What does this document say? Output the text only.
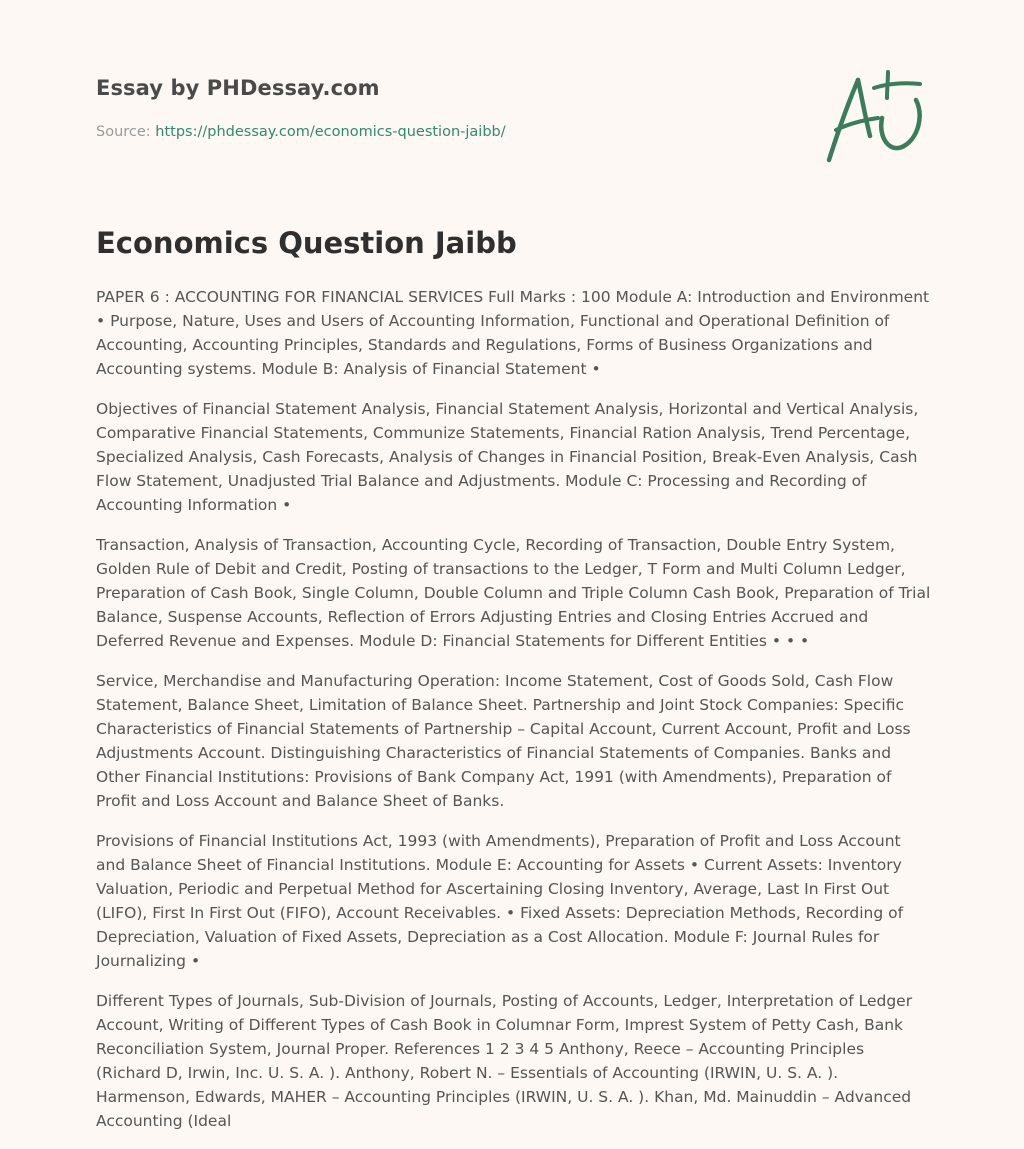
Essay by PHDessay.com
Source: https://phdessay.com/economics-question-jaibb/
Economics Question Jaibb

PAPER 6 : ACCOUNTING FOR FINANCIAL SERVICES Full Marks : 100 Module A: Introduction and Environment • Purpose, Nature, Uses and Users of Accounting Information, Functional and Operational Definition of Accounting, Accounting Principles, Standards and Regulations, Forms of Business Organizations and Accounting systems. Module B: Analysis of Financial Statement •

Objectives of Financial Statement Analysis, Financial Statement Analysis, Horizontal and Vertical Analysis, Comparative Financial Statements, Communize Statements, Financial Ration Analysis, Trend Percentage, Specialized Analysis, Cash Forecasts, Analysis of Changes in Financial Position, Break-Even Analysis, Cash Flow Statement, Unadjusted Trial Balance and Adjustments. Module C: Processing and Recording of Accounting Information •

Transaction, Analysis of Transaction, Accounting Cycle, Recording of Transaction, Double Entry System, Golden Rule of Debit and Credit, Posting of transactions to the Ledger, T Form and Multi Column Ledger, Preparation of Cash Book, Single Column, Double Column and Triple Column Cash Book, Preparation of Trial Balance, Suspense Accounts, Reflection of Errors Adjusting Entries and Closing Entries Accrued and Deferred Revenue and Expenses. Module D: Financial Statements for Different Entities • • •

Service, Merchandise and Manufacturing Operation: Income Statement, Cost of Goods Sold, Cash Flow Statement, Balance Sheet, Limitation of Balance Sheet. Partnership and Joint Stock Companies: Specific Characteristics of Financial Statements of Partnership – Capital Account, Current Account, Profit and Loss Adjustments Account. Distinguishing Characteristics of Financial Statements of Companies. Banks and Other Financial Institutions: Provisions of Bank Company Act, 1991 (with Amendments), Preparation of Profit and Loss Account and Balance Sheet of Banks.

Provisions of Financial Institutions Act, 1993 (with Amendments), Preparation of Profit and Loss Account and Balance Sheet of Financial Institutions. Module E: Accounting for Assets • Current Assets: Inventory Valuation, Periodic and Perpetual Method for Ascertaining Closing Inventory, Average, Last In First Out (LIFO), First In First Out (FIFO), Account Receivables. • Fixed Assets: Depreciation Methods, Recording of Depreciation, Valuation of Fixed Assets, Depreciation as a Cost Allocation. Module F: Journal Rules for Journalizing •

Different Types of Journals, Sub-Division of Journals, Posting of Accounts, Ledger, Interpretation of Ledger Account, Writing of Different Types of Cash Book in Columnar Form, Imprest System of Petty Cash, Bank Reconciliation System, Journal Proper. References 1 2 3 4 5 Anthony, Reece – Accounting Principles (Richard D, Irwin, Inc. U. S. A. ). Anthony, Robert N. – Essentials of Accounting (IRWIN, U. S. A. ). Harmenson, Edwards, MAHER – Accounting Principles (IRWIN, U. S. A. ). Khan, Md. Mainuddin – Advanced Accounting (Ideal
